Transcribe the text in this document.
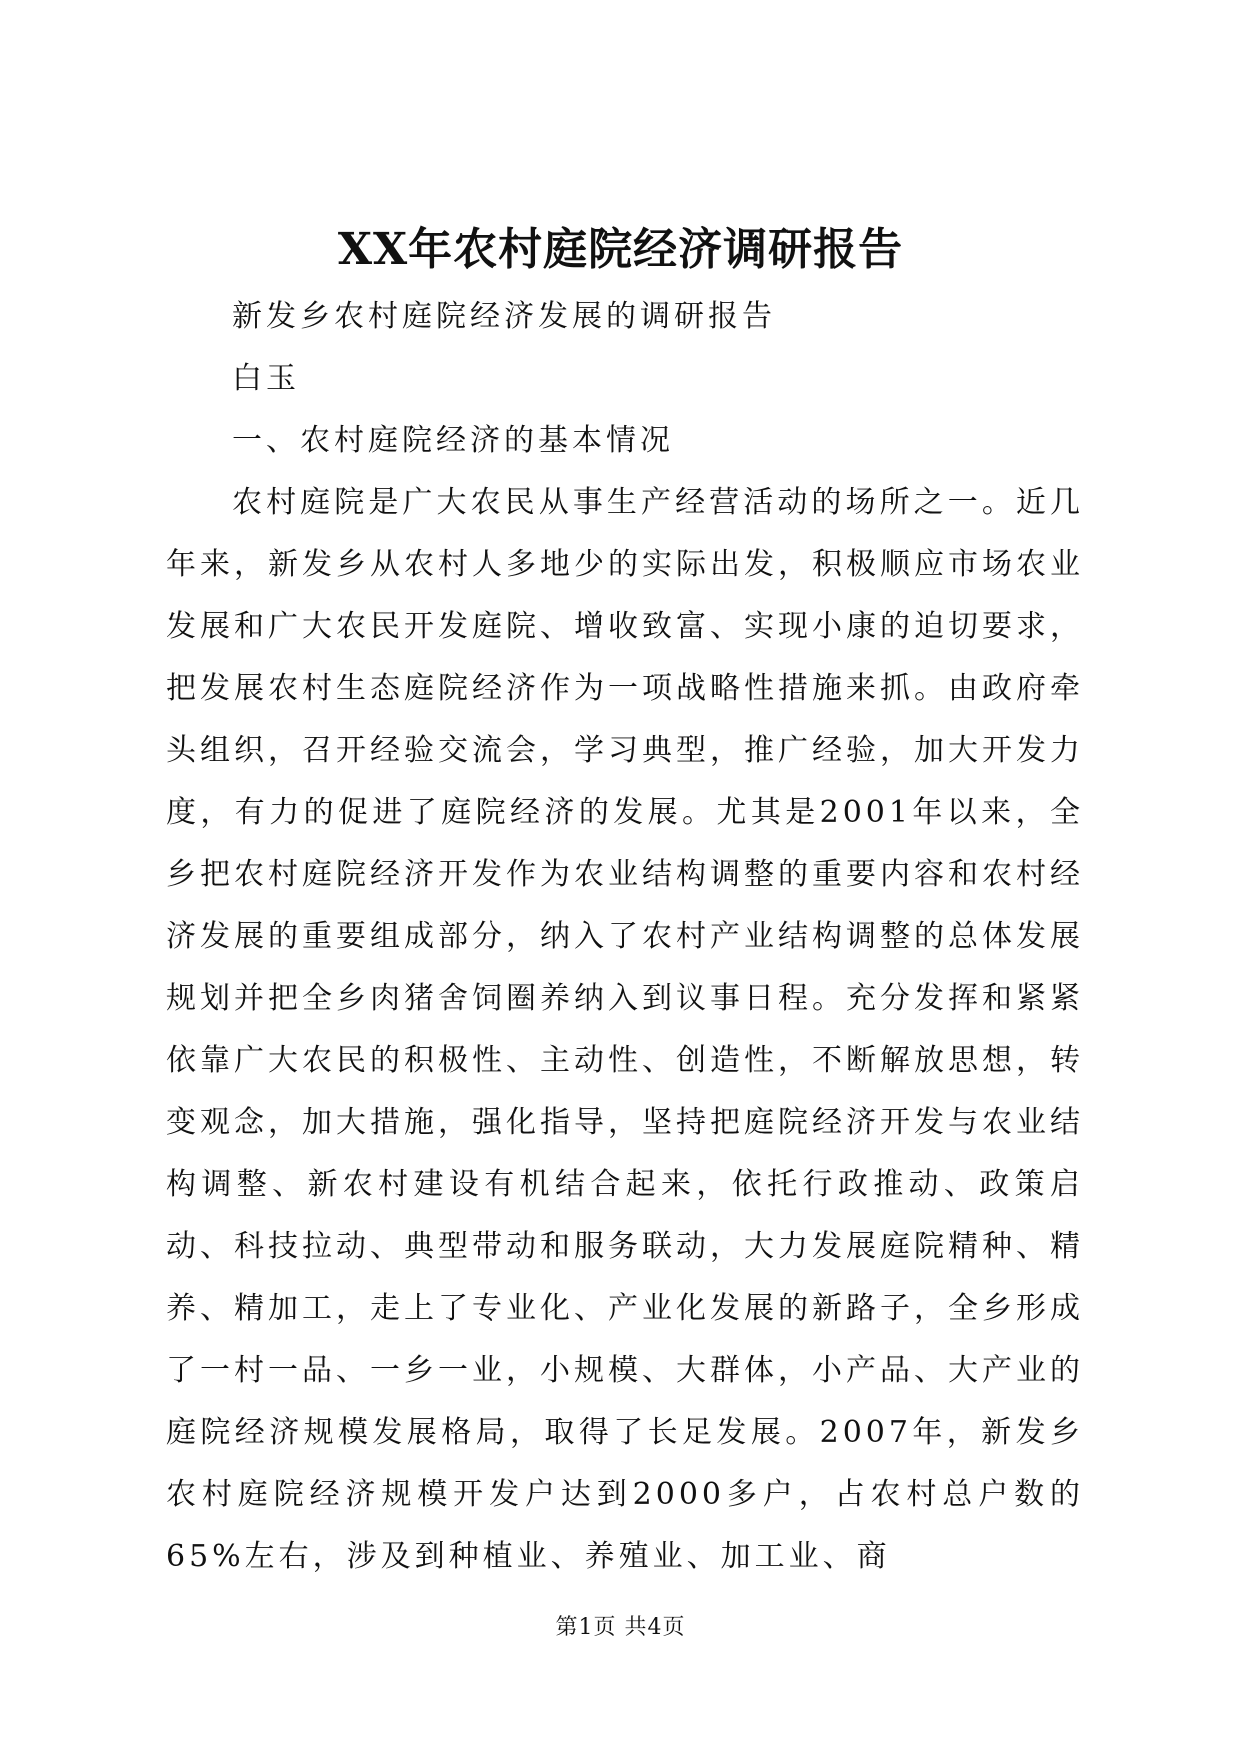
XX年农村庭院经济调研报告

新发乡农村庭院经济发展的调研报告

白玉

一、农村庭院经济的基本情况

农村庭院是广大农民从事生产经营活动的场所之一。近几年来，新发乡从农村人多地少的实际出发，积极顺应市场农业发展和广大农民开发庭院、增收致富、实现小康的迫切要求，把发展农村生态庭院经济作为一项战略性措施来抓。由政府牵头组织，召开经验交流会，学习典型，推广经验，加大开发力度，有力的促进了庭院经济的发展。尤其是2001年以来，全乡把农村庭院经济开发作为农业结构调整的重要内容和农村经济发展的重要组成部分，纳入了农村产业结构调整的总体发展规划并把全乡肉猪舍饲圈养纳入到议事日程。充分发挥和紧紧依靠广大农民的积极性、主动性、创造性，不断解放思想，转变观念，加大措施，强化指导，坚持把庭院经济开发与农业结构调整、新农村建设有机结合起来，依托行政推动、政策启动、科技拉动、典型带动和服务联动，大力发展庭院精种、精养、精加工，走上了专业化、产业化发展的新路子，全乡形成了一村一品、一乡一业，小规模、大群体，小产品、大产业的庭院经济规模发展格局，取得了长足发展。2007年，新发乡农村庭院经济规模开发户达到2000多户，占农村总户数的65%左右，涉及到种植业、养殖业、加工业、商

第1页 共4页
